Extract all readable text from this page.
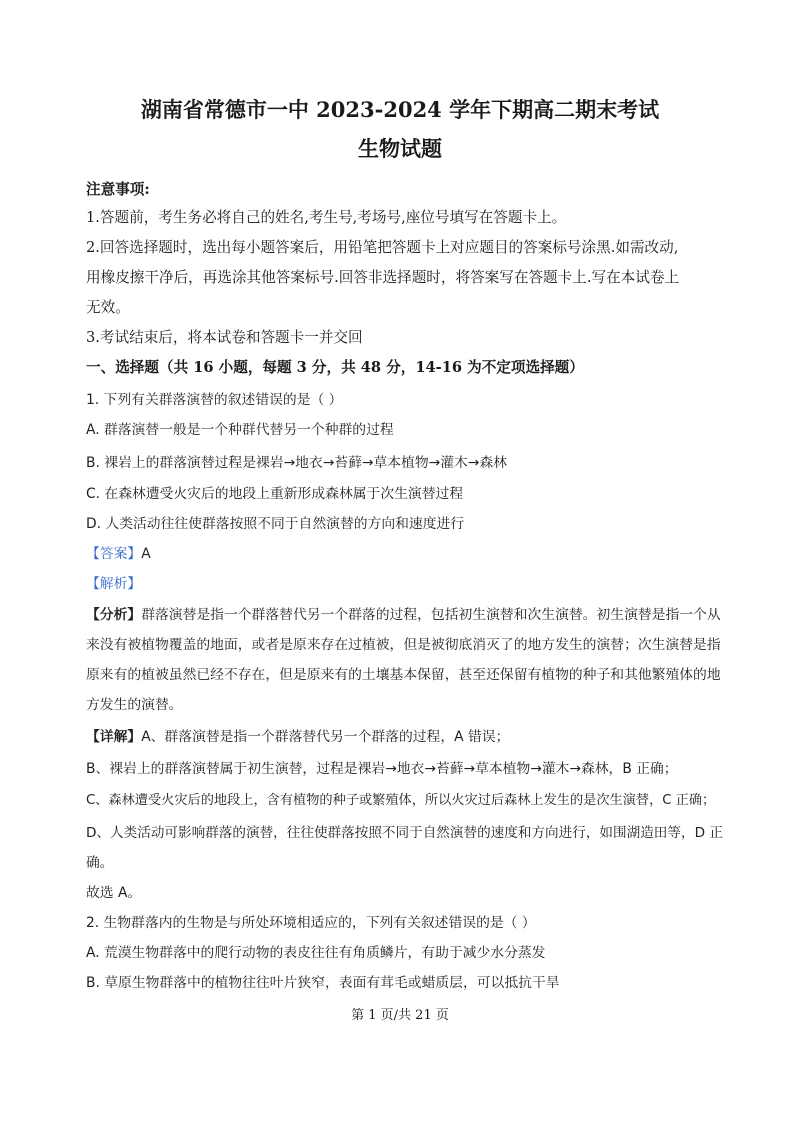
湖南省常德市一中 2023-2024 学年下期高二期末考试
生物试题
注意事项:
1.答题前，考生务必将自己的姓名,考生号,考场号,座位号填写在答题卡上。
2.回答选择题时，选出每小题答案后，用铅笔把答题卡上对应题目的答案标号涂黑.如需改动,
用橡皮擦干净后，再选涂其他答案标号.回答非选择题时，将答案写在答题卡上.写在本试卷上
无效。
3.考试结束后，将本试卷和答题卡一并交回
一、选择题（共 16 小题，每题 3 分，共 48 分，14-16 为不定项选择题）
1. 下列有关群落演替的叙述错误的是（ ）
A. 群落演替一般是一个种群代替另一个种群的过程
B. 裸岩上的群落演替过程是裸岩→地衣→苔藓→草本植物→灌木→森林
C. 在森林遭受火灾后的地段上重新形成森林属于次生演替过程
D. 人类活动往往使群落按照不同于自然演替的方向和速度进行
【答案】A
【解析】
【分析】群落演替是指一个群落替代另一个群落的过程，包括初生演替和次生演替。初生演替是指一个从
来没有被植物覆盖的地面，或者是原来存在过植被，但是被彻底消灭了的地方发生的演替；次生演替是指
原来有的植被虽然已经不存在，但是原来有的土壤基本保留，甚至还保留有植物的种子和其他繁殖体的地
方发生的演替。
【详解】A、群落演替是指一个群落替代另一个群落的过程，A 错误；
B、裸岩上的群落演替属于初生演替，过程是裸岩→地衣→苔藓→草本植物→灌木→森林，B 正确；
C、森林遭受火灾后的地段上，含有植物的种子或繁殖体，所以火灾过后森林上发生的是次生演替，C 正确；
D、人类活动可影响群落的演替，往往使群落按照不同于自然演替的速度和方向进行，如围湖造田等，D 正
确。
故选 A。
2. 生物群落内的生物是与所处环境相适应的，下列有关叙述错误的是（ ）
A. 荒漠生物群落中的爬行动物的表皮往往有角质鳞片，有助于减少水分蒸发
B. 草原生物群落中的植物往往叶片狭窄，表面有茸毛或蜡质层，可以抵抗干旱
第 1 页/共 21 页
